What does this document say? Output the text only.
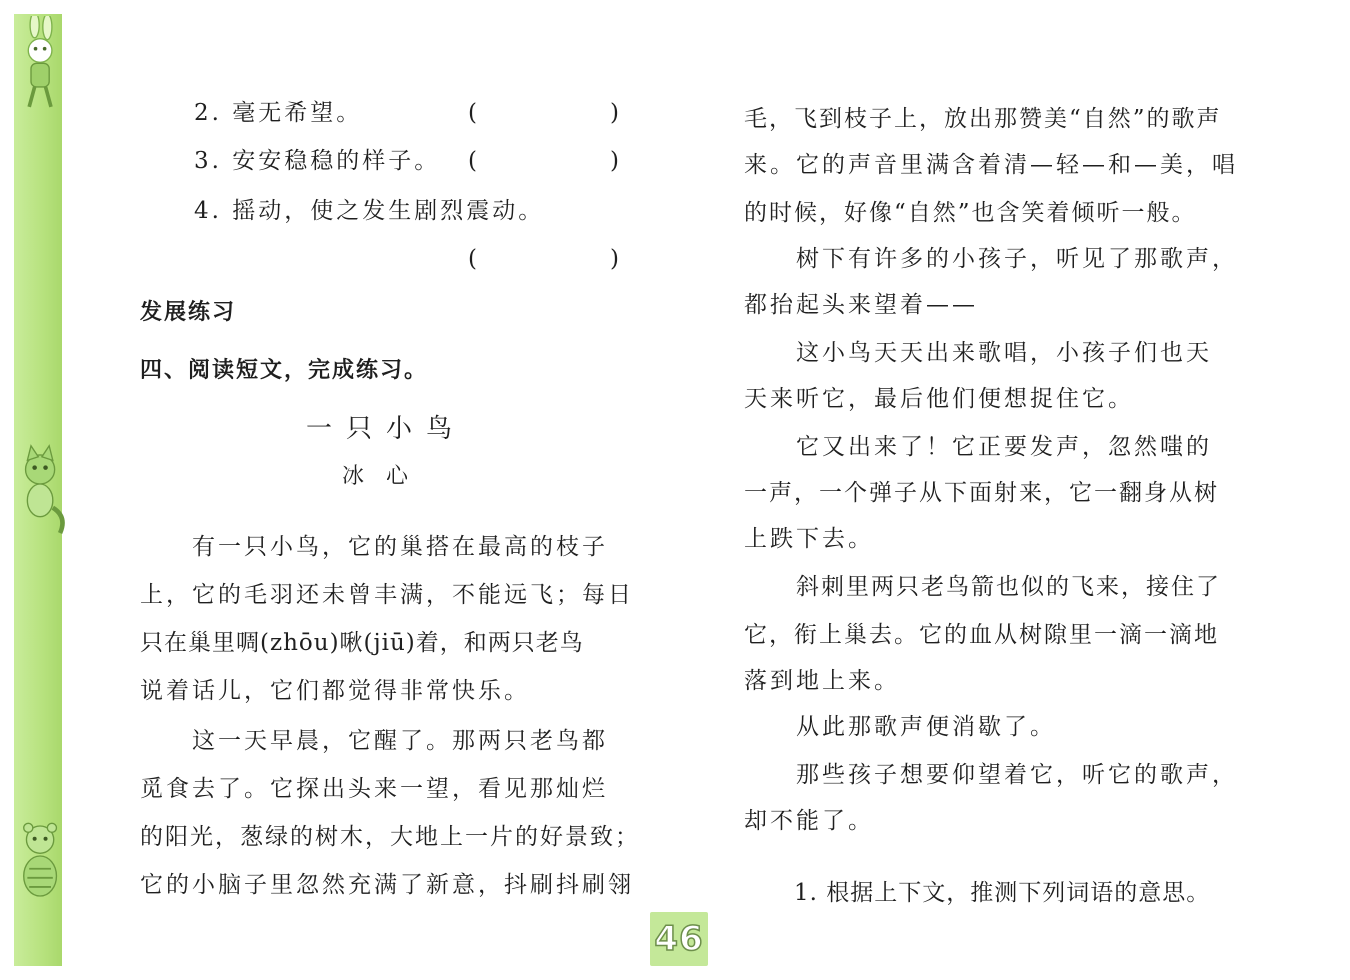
2. 毫无希望。	(	)
3. 安安稳稳的样子。 (	)
4. 摇动，使之发生剧烈震动。
(	)
发展练习
四、阅读短文，完成练习。
一只小鸟
冰心
有一只小鸟，它的巢搭在最高的枝子
上，它的毛羽还未曾丰满，不能远飞；每日
只在巢里啁(zhōu)啾(jiū)着，和两只老鸟
说着话儿，它们都觉得非常快乐。
这一天早晨，它醒了。那两只老鸟都
觅食去了。它探出头来一望，看见那灿烂
的阳光，葱绿的树木，大地上一片的好景致；
它的小脑子里忽然充满了新意，抖刷抖刷翎
毛，飞到枝子上，放出那赞美“自然”的歌声
来。它的声音里满含着清—轻—和—美，唱
的时候，好像“自然”也含笑着倾听一般。
树下有许多的小孩子，听见了那歌声，
都抬起头来望着——
这小鸟天天出来歌唱，小孩子们也天
天来听它，最后他们便想捉住它。
它又出来了！它正要发声，忽然嗤的
一声，一个弹子从下面射来，它一翻身从树
上跌下去。
斜刺里两只老鸟箭也似的飞来，接住了
它，衔上巢去。它的血从树隙里一滴一滴地
落到地上来。
从此那歌声便消歇了。
那些孩子想要仰望着它，听它的歌声，
却不能了。
1. 根据上下文，推测下列词语的意思。
46
